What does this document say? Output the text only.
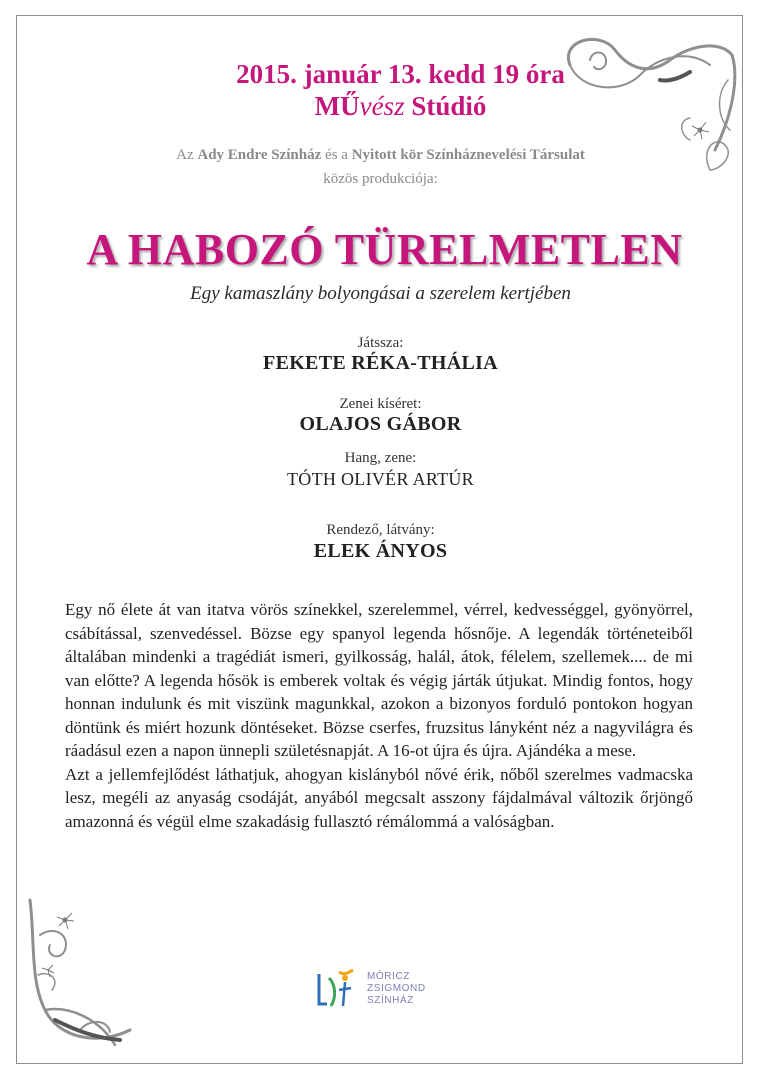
2015. január 13. kedd 19 óra
MŰvész Stúdió
Az Ady Endre Színház és a Nyitott kör Színháznevelési Társulat
közös produkciója:
A HABOZÓ TÜRELMETLEN
Egy kamaszlány bolyongásai a szerelem kertjében
Játssza:
FEKETE RÉKA-THÁLIA
Zenei kíséret:
OLAJOS GÁBOR
Hang, zene:
TÓTH OLIVÉR ARTÚR
Rendező, látvány:
ELEK ÁNYOS

Egy nő élete át van itatva vörös színekkel, szerelemmel, vérrel, kedvességgel, gyönyörrel, csábítással, szenvedéssel. Bözse egy spanyol legenda hősnője. A legendák történeteiből általában mindenki a tragédiát ismeri, gyilkosság, halál, átok, félelem, szellemek.... de mi van előtte? A legenda hősök is emberek voltak és végig járták útjukat. Mindig fontos, hogy honnan indulunk és mit viszünk magunkkal, azokon a bizonyos forduló pontokon hogyan döntünk és miért hozunk döntéseket. Bözse cserfes, fruzsitus lányként néz a nagyvilágra és ráadásul ezen a napon ünnepli születésnapját. A 16-ot újra és újra. Ajándéka a mese.

Azt a jellemfejlődést láthatjuk, ahogyan kislányból nővé érik, nőből szerelmes vadmacska lesz, megéli az anyaság csodáját, anyából megcsalt asszony fájdalmával változik őrjöngő amazonná és végül elme szakadásig fullasztó rémálommá a valóságban.

MÓRICZ
ZSIGMOND
SZÍNHÁZ
